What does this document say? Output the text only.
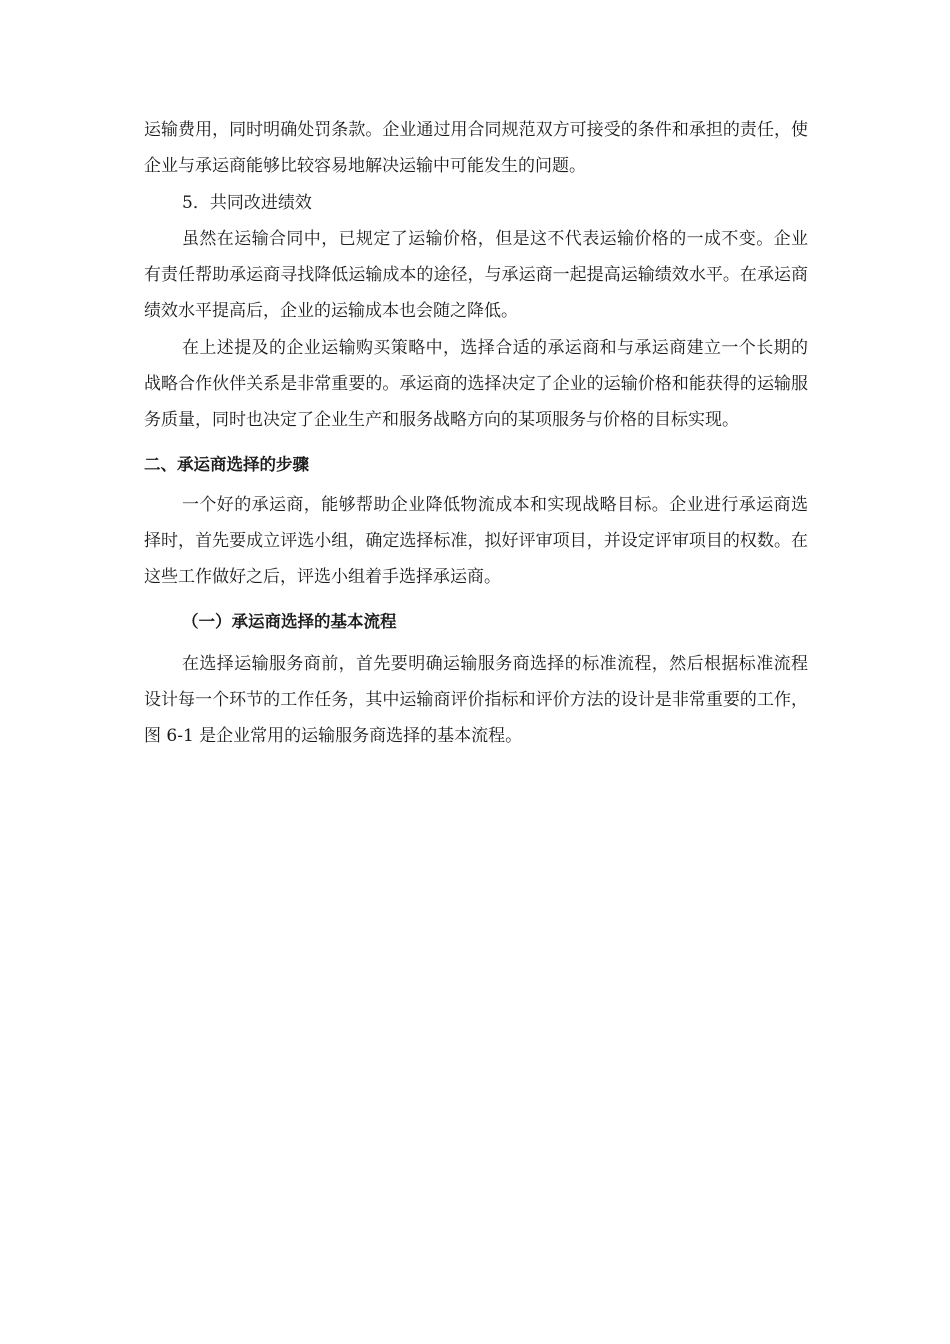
运输费用，同时明确处罚条款。企业通过用合同规范双方可接受的条件和承担的责任，使企业与承运商能够比较容易地解决运输中可能发生的问题。

5．共同改进绩效

虽然在运输合同中，已规定了运输价格，但是这不代表运输价格的一成不变。企业有责任帮助承运商寻找降低运输成本的途径，与承运商一起提高运输绩效水平。在承运商绩效水平提高后，企业的运输成本也会随之降低。

在上述提及的企业运输购买策略中，选择合适的承运商和与承运商建立一个长期的战略合作伙伴关系是非常重要的。承运商的选择决定了企业的运输价格和能获得的运输服务质量，同时也决定了企业生产和服务战略方向的某项服务与价格的目标实现。

二、承运商选择的步骤

一个好的承运商，能够帮助企业降低物流成本和实现战略目标。企业进行承运商选择时，首先要成立评选小组，确定选择标准，拟好评审项目，并设定评审项目的权数。在这些工作做好之后，评选小组着手选择承运商。

（一）承运商选择的基本流程

在选择运输服务商前，首先要明确运输服务商选择的标准流程，然后根据标准流程设计每一个环节的工作任务，其中运输商评价指标和评价方法的设计是非常重要的工作，图 6-1 是企业常用的运输服务商选择的基本流程。
